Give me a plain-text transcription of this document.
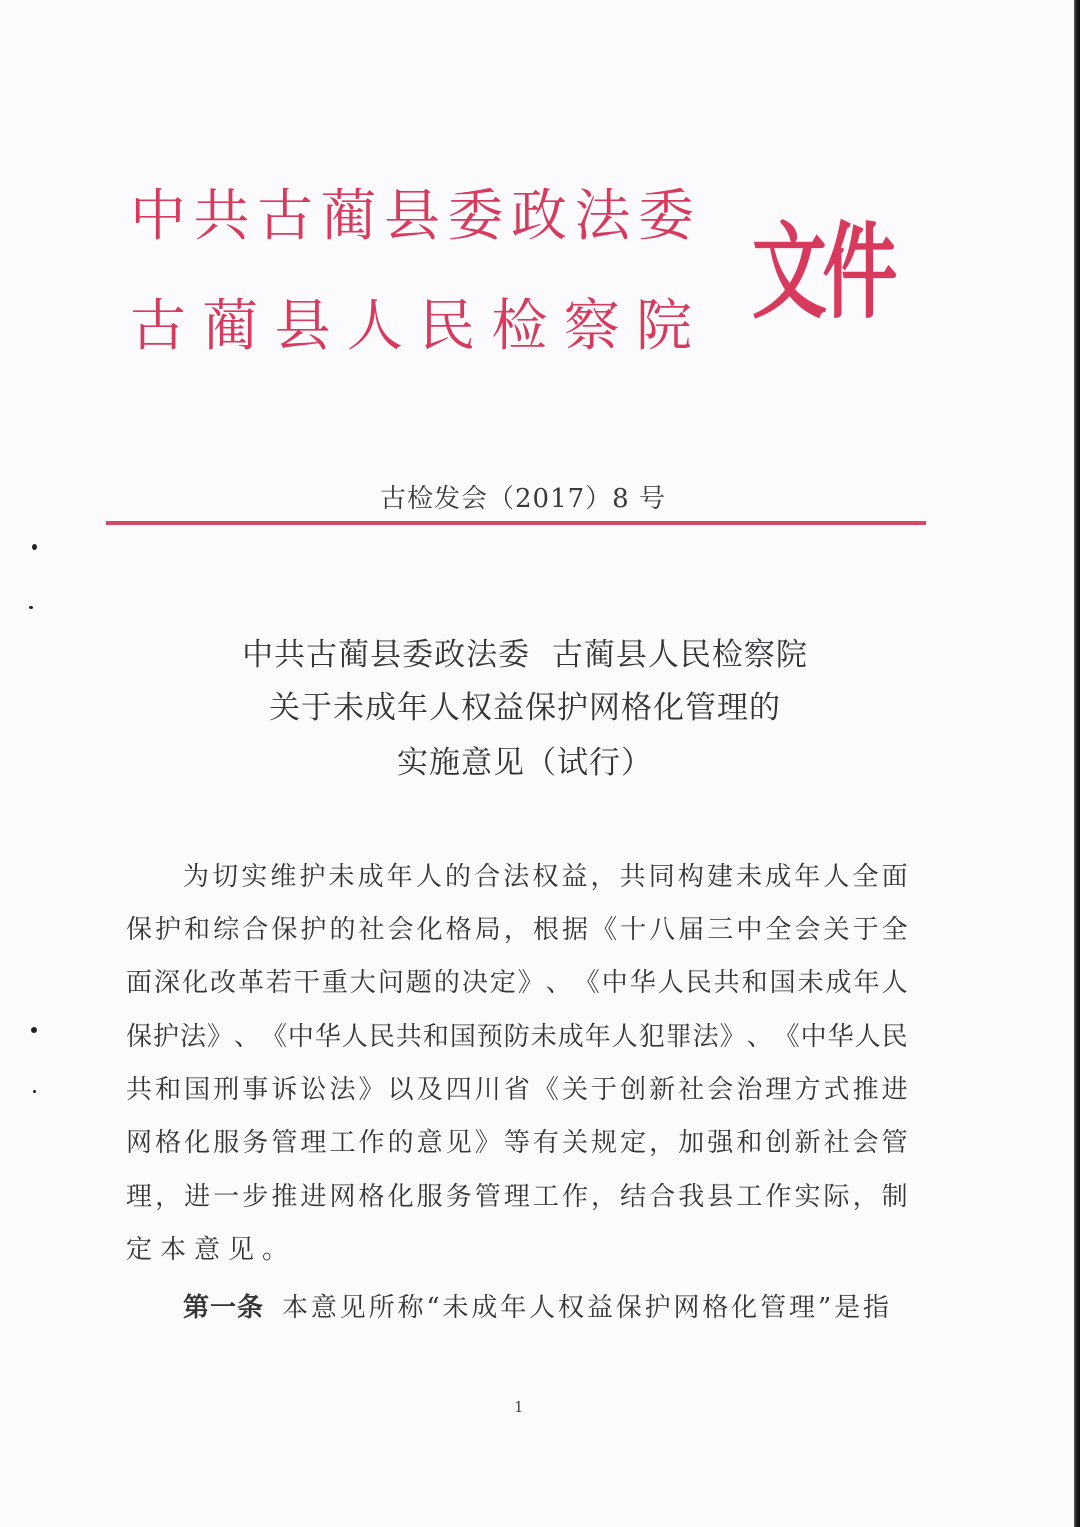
中 共 古 蔺 县 委 政 法 委
古 蔺 县 人 民 检 察 院 文件
古检发会（2017）8 号
中共古蔺县委政法委  古蔺县人民检察院
关于未成年人权益保护网格化管理的
实施意见（试行）
为 切 实 维 护 未 成 年 人 的 合 法 权 益 ， 共 同 构 建 未 成 年 人 全 面
保 护 和 综 合 保 护 的 社 会 化 格 局 ， 根 据 《 十 八 届 三 中 全 会 关 于 全
面 深 化 改 革 若 干 重 大 问 题 的 决 定 》 、 《 中 华 人 民 共 和 国 未 成 年 人
保 护 法 》 、 《 中 华 人 民 共 和 国 预 防 未 成 年 人 犯 罪 法 》 、 《 中 华 人 民
共 和 国 刑 事 诉 讼 法 》 以 及 四 川 省 《 关 于 创 新 社 会 治 理 方 式 推 进
网 格 化 服 务 管 理 工 作 的 意 见 》 等 有 关 规 定 ， 加 强 和 创 新 社 会 管
理 ， 进 一 步 推 进 网 格 化 服 务 管 理 工 作 ， 结 合 我 县 工 作 实 际 ， 制
定本意见。
第一条 本 意 见 所 称 “ 未 成 年 人 权 益 保 护 网 格 化 管 理 ” 是 指
1
